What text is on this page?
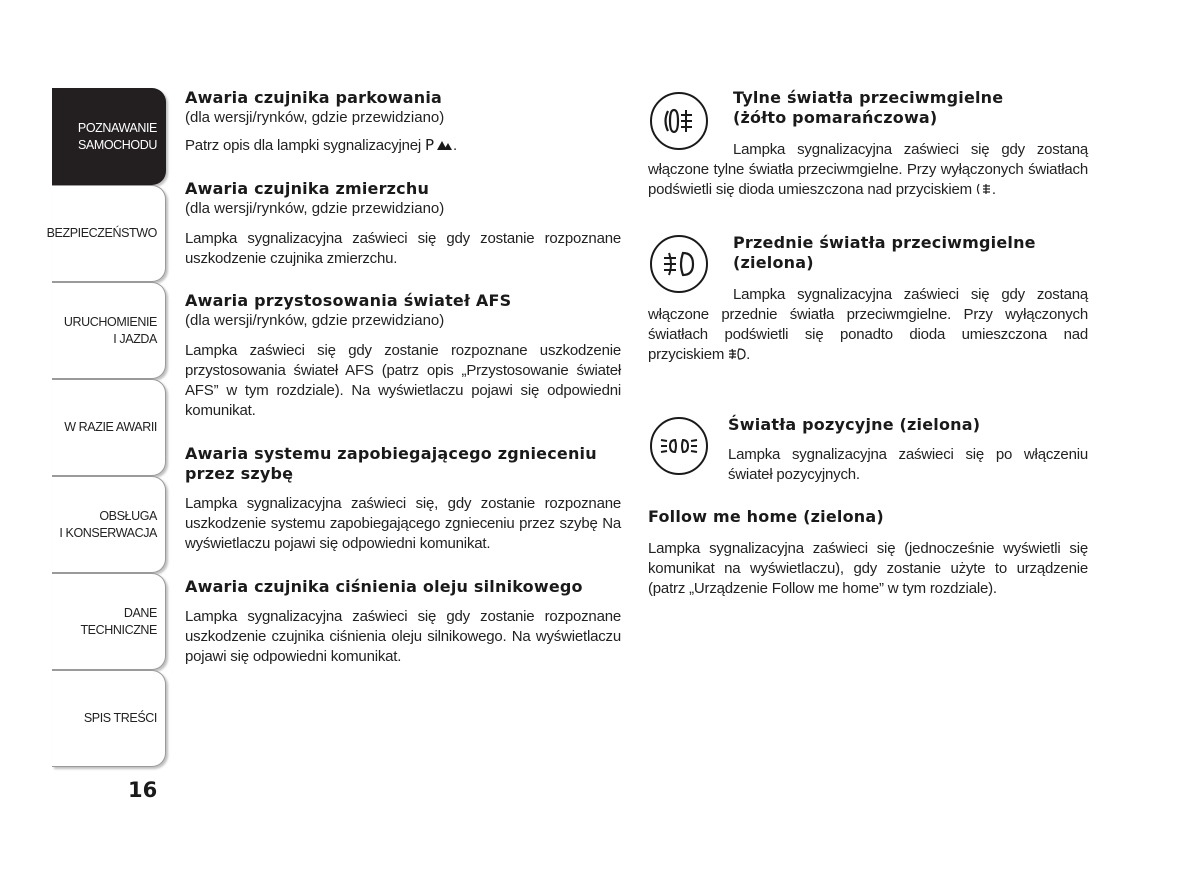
POZNAWANIE
SAMOCHODU
BEZPIECZEŃSTWO
URUCHOMIENIE
I JAZDA
W RAZIE AWARII
OBSŁUGA
I KONSERWACJA
DANE
TECHNICZNE
SPIS TREŚCI
16
Awaria czujnika parkowania
(dla wersji/rynków, gdzie przewidziano)

Patrz opis dla lampki sygnalizacyjnej P .

Awaria czujnika zmierzchu
(dla wersji/rynków, gdzie przewidziano)

Lampka sygnalizacyjna zaświeci się gdy zostanie rozpoznane uszkodzenie czujnika zmierzchu.

Awaria przystosowania świateł AFS
(dla wersji/rynków, gdzie przewidziano)

Lampka zaświeci się gdy zostanie rozpoznane uszkodzenie przystosowania świateł AFS (patrz opis „Przystosowanie świateł AFS” w tym rozdziale). Na wyświetlaczu pojawi się odpowiedni komunikat.

Awaria systemu zapobiegającego zgnieceniu przez szybę

Lampka sygnalizacyjna zaświeci się, gdy zostanie rozpoznane uszkodzenie systemu zapobiegającego zgnieceniu przez szybę Na wyświetlaczu pojawi się odpowiedni komunikat.

Awaria czujnika ciśnienia oleju silnikowego

Lampka sygnalizacyjna zaświeci się gdy zostanie rozpoznane uszkodzenie czujnika ciśnienia oleju silnikowego. Na wyświetlaczu pojawi się odpowiedni komunikat.

Tylne światła przeciwmgielne
(żółto pomarańczowa)

Lampka sygnalizacyjna zaświeci się gdy zostaną włączone tylne światła przeciwmgielne. Przy wyłączonych światłach podświetli się dioda umieszczona nad przyciskiem .

Przednie światła przeciwmgielne
(zielona)

Lampka sygnalizacyjna zaświeci się gdy zostaną włączone przednie światła przeciwmgielne. Przy wyłączonych światłach podświetli się ponadto dioda umieszczona nad przyciskiem .

Światła pozycyjne (zielona)

Lampka sygnalizacyjna zaświeci się po włączeniu świateł pozycyjnych.

Follow me home (zielona)

Lampka sygnalizacyjna zaświeci się (jednocześnie wyświetli się komunikat na wyświetlaczu), gdy zostanie użyte to urządzenie (patrz „Urządzenie Follow me home” w tym rozdziale).
